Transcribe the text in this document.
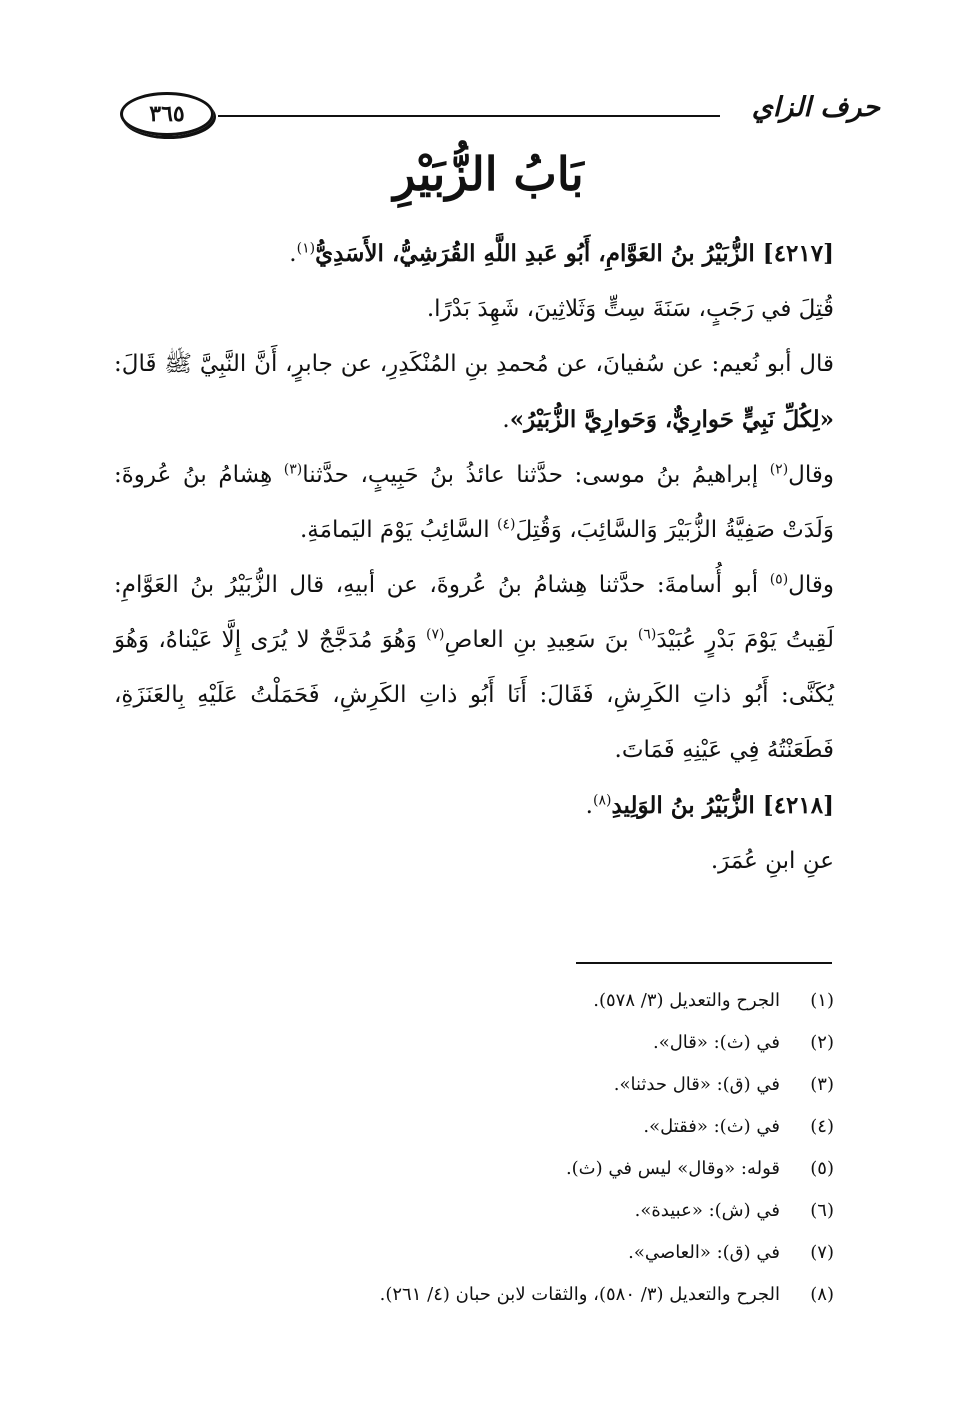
حرف الزاي
٣٦٥
بَابُ الزُّبَيْرِ

[٤٢١٧] الزُّبَيْرُ بنُ العَوَّامِ، أَبُو عَبدِ اللَّهِ القُرَشِيُّ، الأَسَدِيُّ$^{(١)}$.

قُتِلَ في رَجَبٍ، سَنَةَ سِتٍّ وَثَلاثِينَ، شَهِدَ بَدْرًا.

قال أبو نُعيم: عن سُفيانَ، عن مُحمدِ بنِ المُنْكَدِرِ، عن جابرٍ، أَنَّ النَّبِيَّ ﷺ قَالَ: «لِكُلِّ نَبِيٍّ حَوارِيٌّ، وَحَوارِيَّ الزُّبَيْرُ».

وقال$^{(٢)}$ إبراهيمُ بنُ موسى: حدَّثنا عائذُ بنُ حَبِيبٍ، حدَّثنا$^{(٣)}$ هِشامُ بنُ عُروةَ: وَلَدَتْ صَفِيَّةُ الزُّبَيْرَ وَالسَّائِبَ، وَقُتِلَ$^{(٤)}$ السَّائِبُ يَوْمَ اليَمامَةِ.

وقال$^{(٥)}$ أبو أُسامةَ: حدَّثنا هِشامُ بنُ عُروةَ، عن أبيهِ، قال الزُّبَيْرُ بنُ العَوَّامِ: لَقِيتُ يَوْمَ بَدْرٍ عُبَيْدَ$^{(٦)}$ بنَ سَعِيدِ بنِ العاصِ$^{(٧)}$ وَهُوَ مُدَجَّجٌ لا يُرَى إِلَّا عَيْناهُ، وَهُوَ يُكَنَّى: أَبُو ذاتِ الكَرِشِ، فَقَالَ: أَنَا أَبُو ذاتِ الكَرِشِ، فَحَمَلْتُ عَلَيْهِ بِالعَنَزَةِ، فَطَعَنْتُهُ فِي عَيْنِهِ فَمَاتَ.

[٤٢١٨] الزُّبَيْرُ بنُ الوَلِيدِ$^{(٨)}$.

عنِ ابنِ عُمَرَ.

(١)
الجرح والتعديل (٣/ ٥٧٨).
(٢)
في (ث): «قال».
(٣)
في (ق): «قال حدثنا».
(٤)
في (ث): «فقتل».
(٥)
قوله: «وقال» ليس في (ث).
(٦)
في (ش): «عبيدة».
(٧)
في (ق): «العاصي».
(٨)
الجرح والتعديل (٣/ ٥٨٠)، والثقات لابن حبان (٤/ ٢٦١).
